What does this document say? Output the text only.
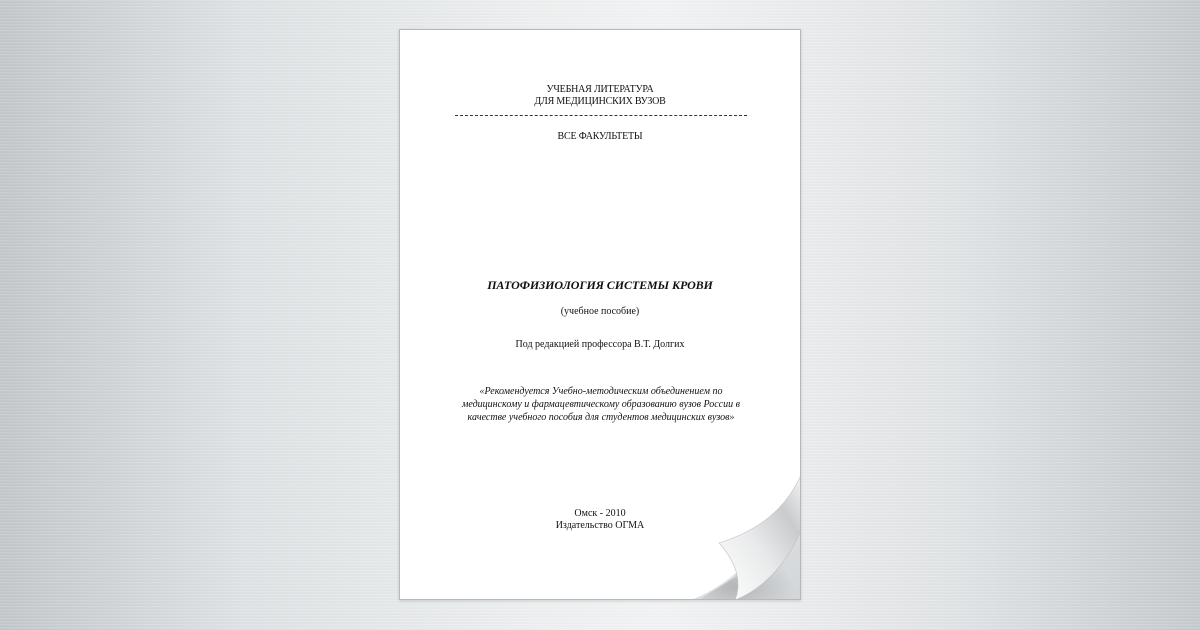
УЧЕБНАЯ ЛИТЕРАТУРА
ДЛЯ МЕДИЦИНСКИХ ВУЗОВ
ВСЕ ФАКУЛЬТЕТЫ
ПАТОФИЗИОЛОГИЯ СИСТЕМЫ КРОВИ
(учебное пособие)
Под редакцией профессора В.Т. Долгих
«Рекомендуется Учебно-методическим объединением по
медицинскому и фармацевтическому образованию вузов России в
качестве учебного пособия для студентов медицинских вузов»
Омск - 2010
Издательство ОГМА
